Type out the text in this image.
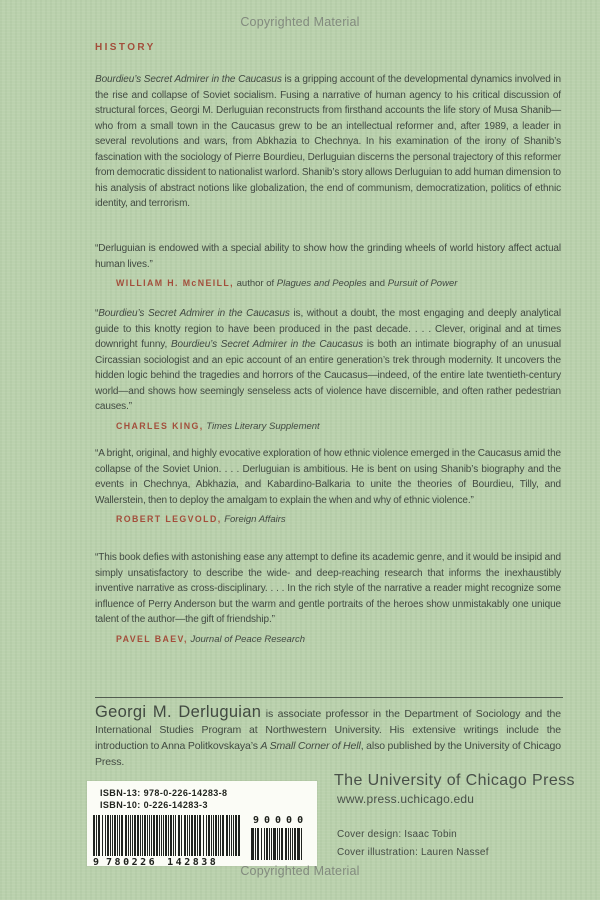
Copyrighted Material
HISTORY
Bourdieu’s Secret Admirer in the Caucasus is a gripping account of the developmental dynamics involved in the rise and collapse of Soviet socialism. Fusing a narrative of human agency to his critical discussion of structural forces, Georgi M. Derluguian reconstructs from firsthand accounts the life story of Musa Shanib—who from a small town in the Caucasus grew to be an intellectual reformer and, after 1989, a leader in several revolutions and wars, from Abkhazia to Chechnya. In his examination of the irony of Shanib’s fascination with the sociology of Pierre Bourdieu, Derluguian discerns the personal trajectory of this reformer from democratic dissident to nationalist warlord. Shanib’s story allows Derluguian to add human dimension to his analysis of abstract notions like globalization, the end of communism, democratization, politics of ethnic identity, and terrorism.
“Derluguian is endowed with a special ability to show how the grinding wheels of world history affect actual human lives.”
WILLIAM H. McNEILL, author of Plagues and Peoples and Pursuit of Power
“Bourdieu’s Secret Admirer in the Caucasus is, without a doubt, the most engaging and deeply analytical guide to this knotty region to have been produced in the past decade. . . . Clever, original and at times downright funny, Bourdieu’s Secret Admirer in the Caucasus is both an intimate biography of an unusual Circassian sociologist and an epic account of an entire generation’s trek through modernity. It uncovers the hidden logic behind the tragedies and horrors of the Caucasus—indeed, of the entire late twentieth-century world—and shows how seemingly senseless acts of violence have discernible, and often rather pedestrian causes.”
CHARLES KING, Times Literary Supplement
“A bright, original, and highly evocative exploration of how ethnic violence emerged in the Caucasus amid the collapse of the Soviet Union. . . . Derluguian is ambitious. He is bent on using Shanib’s biography and the events in Chechnya, Abkhazia, and Kabardino-Balkaria to unite the theories of Bourdieu, Tilly, and Wallerstein, then to deploy the amalgam to explain the when and why of ethnic violence.”
ROBERT LEGVOLD, Foreign Affairs
“This book defies with astonishing ease any attempt to define its academic genre, and it would be insipid and simply unsatisfactory to describe the wide- and deep-reaching research that informs the inexhaustibly inventive narrative as cross-disciplinary. . . . In the rich style of the narrative a reader might recognize some influence of Perry Anderson but the warm and gentle portraits of the heroes show unmistakably one unique talent of the author—the gift of friendship.”
PAVEL BAEV, Journal of Peace Research
Georgi M. Derluguian is associate professor in the Department of Sociology and the International Studies Program at Northwestern University. His extensive writings include the introduction to Anna Politkovskaya’s A Small Corner of Hell, also published by the University of Chicago Press.
ISBN-13: 978-0-226-14283-8
ISBN-10: 0-226-14283-3
9 780226 142838
90000
The University of Chicago Press
www.press.uchicago.edu
Cover design: Isaac Tobin
Cover illustration: Lauren Nassef
Copyrighted Material
